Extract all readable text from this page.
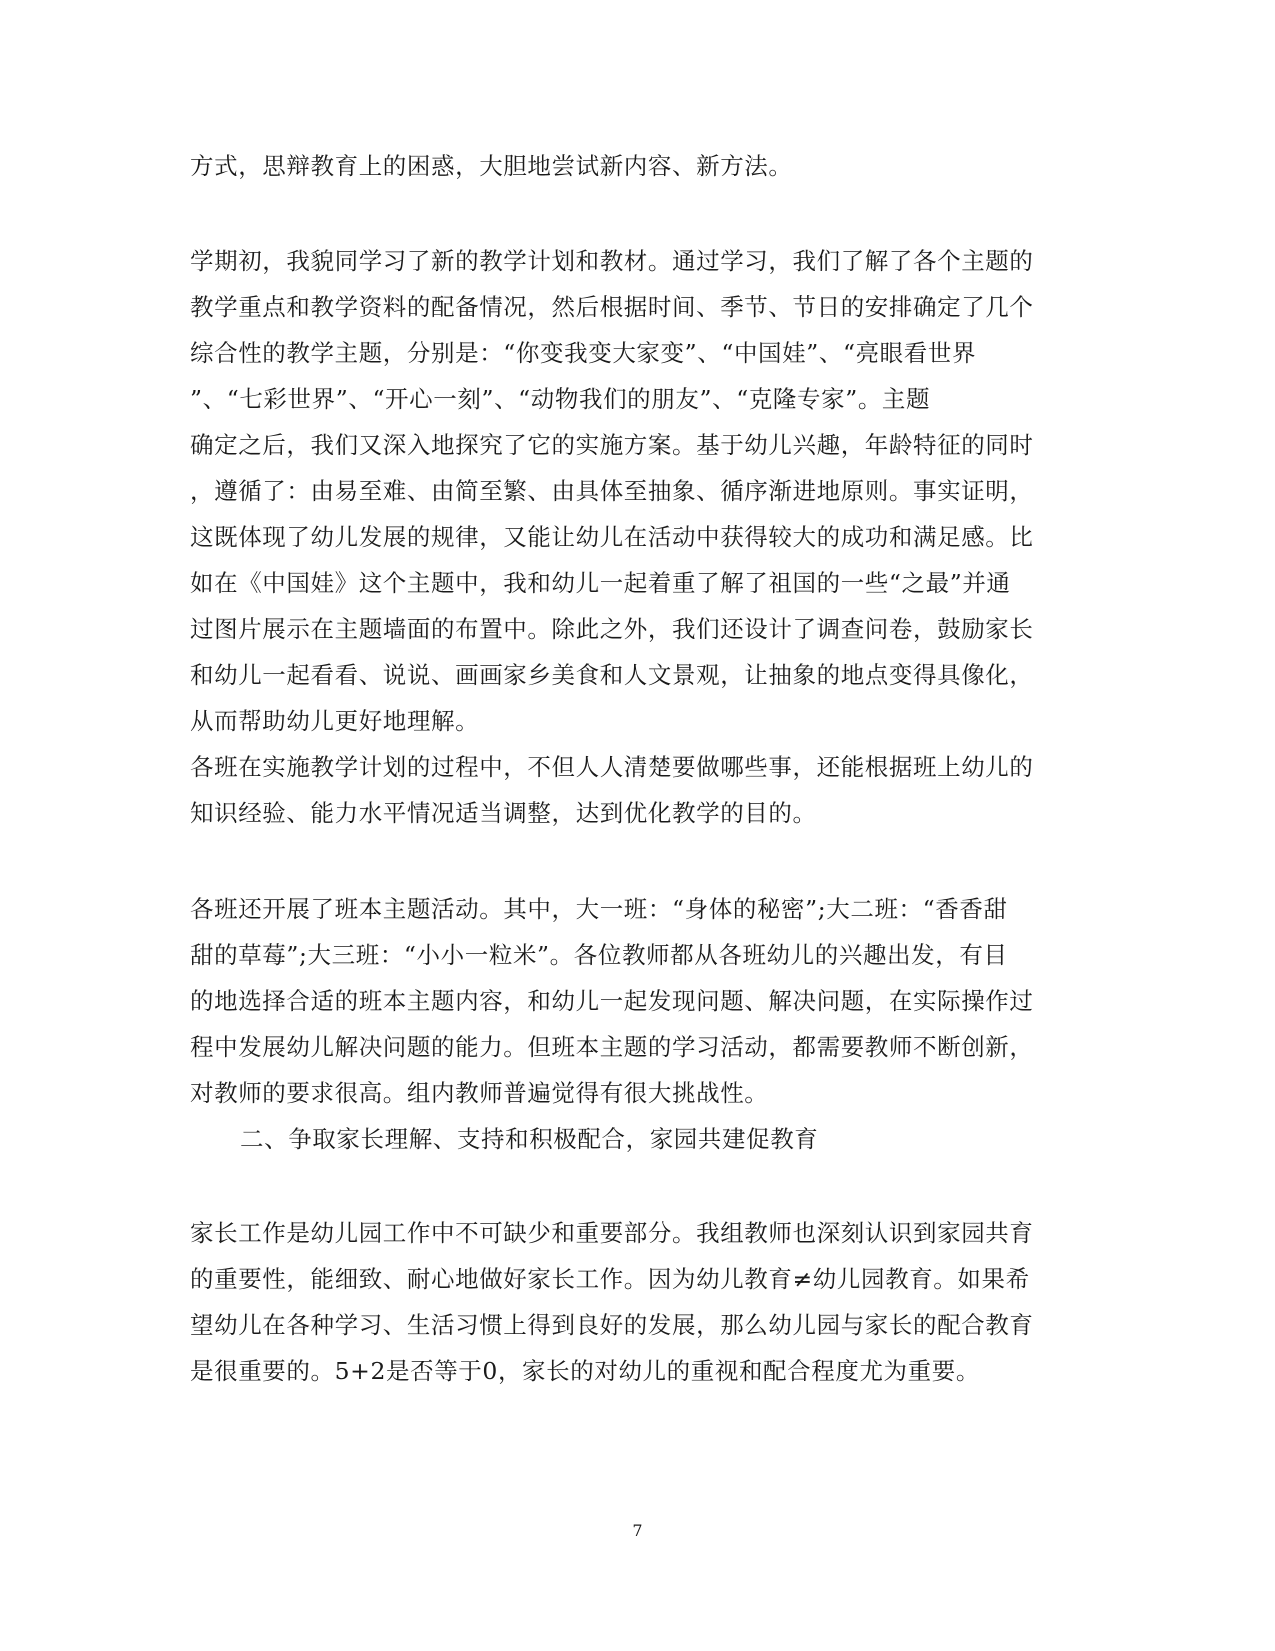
方式，思辩教育上的困惑，大胆地尝试新内容、新方法。

学期初，我貌同学习了新的教学计划和教材。通过学习，我们了解了各个主题的

教学重点和教学资料的配备情况，然后根据时间、季节、节日的安排确定了几个

综合性的教学主题，分别是：“你变我变大家变”、“中国娃”、“亮眼看世界

”、“七彩世界”、“开心一刻”、“动物我们的朋友”、“克隆专家”。主题

确定之后，我们又深入地探究了它的实施方案。基于幼儿兴趣，年龄特征的同时

，遵循了：由易至难、由简至繁、由具体至抽象、循序渐进地原则。事实证明，

这既体现了幼儿发展的规律，又能让幼儿在活动中获得较大的成功和满足感。比

如在《中国娃》这个主题中，我和幼儿一起着重了解了祖国的一些“之最”并通

过图片展示在主题墙面的布置中。除此之外，我们还设计了调查问卷，鼓励家长

和幼儿一起看看、说说、画画家乡美食和人文景观，让抽象的地点变得具像化，

从而帮助幼儿更好地理解。

各班在实施教学计划的过程中，不但人人清楚要做哪些事，还能根据班上幼儿的

知识经验、能力水平情况适当调整，达到优化教学的目的。

各班还开展了班本主题活动。其中，大一班：“身体的秘密”;大二班：“香香甜

甜的草莓”;大三班：“小小一粒米”。各位教师都从各班幼儿的兴趣出发，有目

的地选择合适的班本主题内容，和幼儿一起发现问题、解决问题，在实际操作过

程中发展幼儿解决问题的能力。但班本主题的学习活动，都需要教师不断创新，

对教师的要求很高。组内教师普遍觉得有很大挑战性。

二、争取家长理解、支持和积极配合，家园共建促教育

家长工作是幼儿园工作中不可缺少和重要部分。我组教师也深刻认识到家园共育

的重要性，能细致、耐心地做好家长工作。因为幼儿教育≠幼儿园教育。如果希

望幼儿在各种学习、生活习惯上得到良好的发展，那么幼儿园与家长的配合教育

是很重要的。5+2是否等于0，家长的对幼儿的重视和配合程度尤为重要。

7
